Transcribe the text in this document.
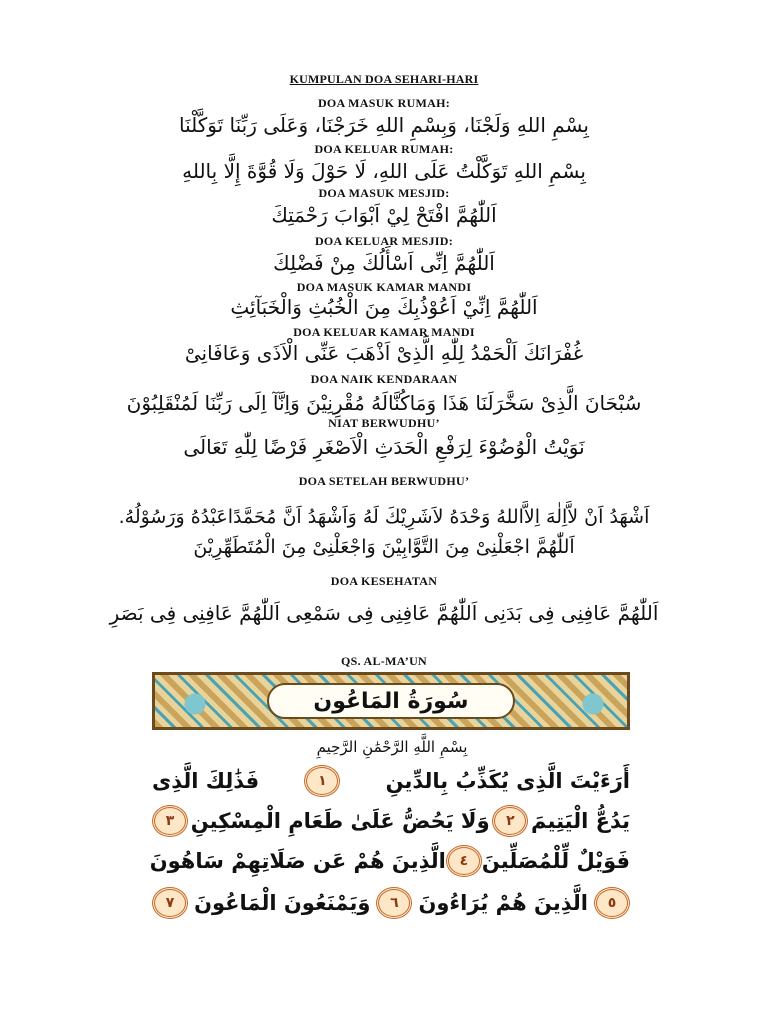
KUMPULAN DOA SEHARI-HARI
DOA MASUK RUMAH:
بِسْمِ اللهِ وَلَجْنَا، وَبِسْمِ اللهِ خَرَجْنَا، وَعَلَى رَبِّنَا تَوَكَّلْنَا
DOA KELUAR RUMAH:
بِسْمِ اللهِ تَوَكَّلْتُ عَلَى اللهِ، لَا حَوْلَ وَلَا قُوَّةَ إِلَّا بِاللهِ
DOA MASUK MESJID:
اَللّٰهُمَّ افْتَحْ لِيْ اَبْوَابَ رَحْمَتِكَ
DOA KELUAR MESJID:
اَللّٰهُمَّ اِنِّى اَسْأَلُكَ مِنْ فَضْلِكَ
DOA MASUK KAMAR MANDI
اَللّٰهُمَّ اِنِّيْ اَعُوْذُبِكَ مِنَ الْخُبُثِ وَالْخَبَآئِثِ
DOA KELUAR KAMAR MANDI
غُفْرَانَكَ اَلْحَمْدُ لِلّٰهِ الَّذِىْ اَذْهَبَ عَنِّى الْاَذَى وَعَافَانِىْ
DOA NAIK KENDARAAN
سُبْحَانَ الَّذِىْ سَخَّرَلَنَا هَذَا وَمَاكُنَّالَهُ مُقْرِنِيْنَ وَاِنَّآ اِلَى رَبِّنَا لَمُنْقَلِبُوْنَ
NIAT BERWUDHU’
نَوَيْتُ الْوُضُوْءَ لِرَفْعِ الْحَدَثِ الْاَصْغَرِ فَرْضًا لِلّٰهِ تَعَالَى
DOA SETELAH BERWUDHU’
اَشْهَدُ اَنْ لاَّاِلٰهَ اِلاَّاللهُ وَحْدَهُ لاَشَرِيْكَ لَهُ وَاَشْهَدُ اَنَّ مُحَمَّدًاعَبْدُهُ وَرَسُوْلُهُ.
اَللّٰهُمَّ اجْعَلْنِىْ مِنَ التَّوَّابِيْنَ وَاجْعَلْنِىْ مِنَ الْمُتَطَهِّرِيْنَ
DOA KESEHATAN
اَللّٰهُمَّ عَافِنِى فِى بَدَنِى اَللّٰهُمَّ عَافِنِى فِى سَمْعِى اَللّٰهُمَّ عَافِنِى فِى بَصَرِ
QS. AL-MA’UN
سُورَةُ المَاعُون
بِسْمِ اللَّهِ الرَّحْمَٰنِ الرَّحِيمِ
أَرَءَيْتَ الَّذِى يُكَذِّبُ بِالدِّينِ
١
فَذَٰلِكَ الَّذِى
يَدُعُّ الْيَتِيمَ
٢
وَلَا يَحُضُّ عَلَىٰ طَعَامِ الْمِسْكِينِ
٣
فَوَيْلٌ لِّلْمُصَلِّينَ
٤
الَّذِينَ هُمْ عَن صَلَاتِهِمْ سَاهُونَ
٥
الَّذِينَ هُمْ يُرَاءُونَ
٦
وَيَمْنَعُونَ الْمَاعُونَ
٧
